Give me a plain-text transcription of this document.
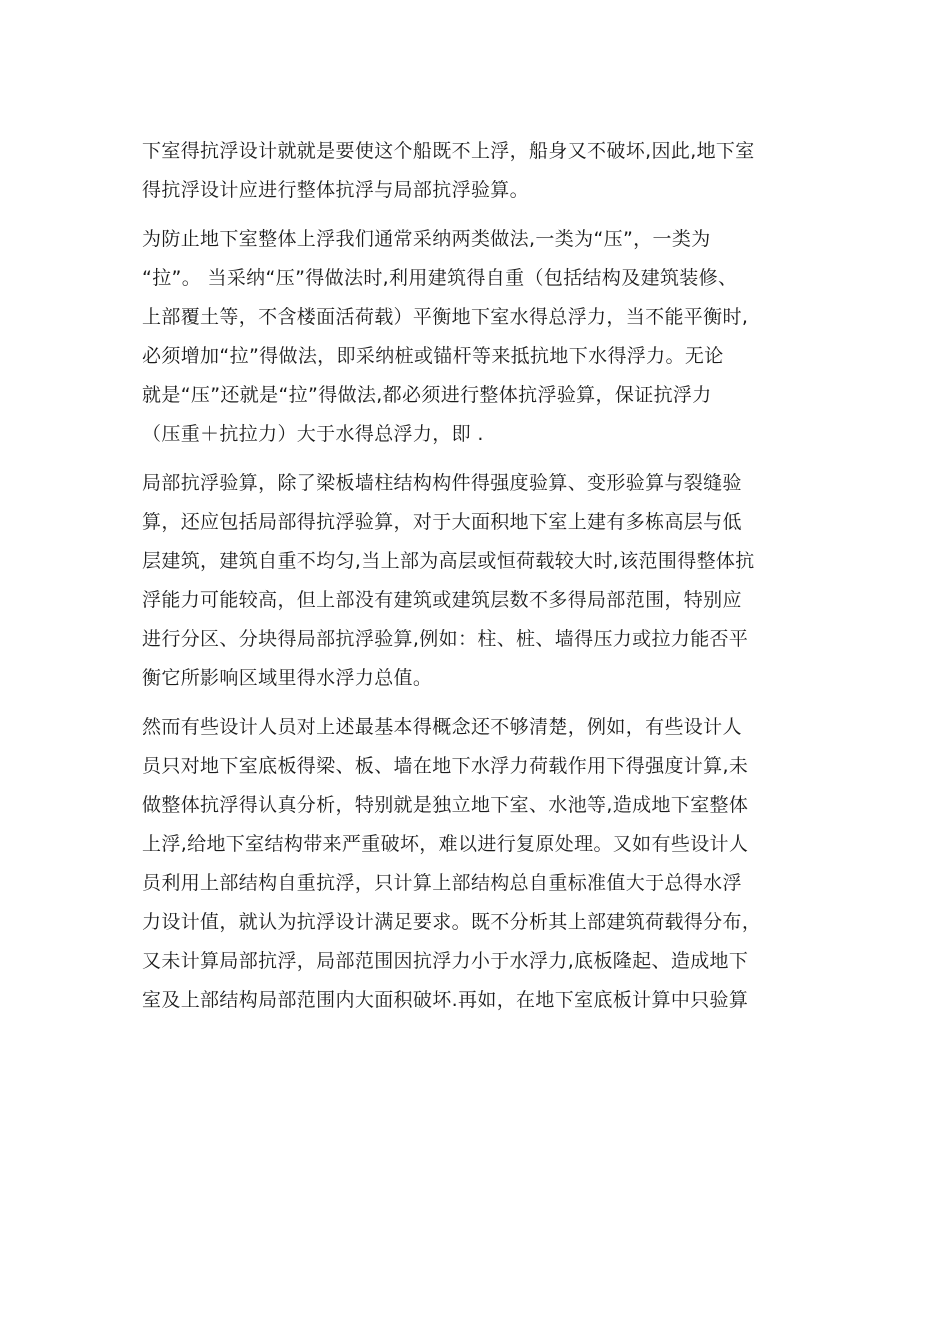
下室得抗浮设计就就是要使这个船既不上浮，船身又不破坏,因此,地下室
得抗浮设计应进行整体抗浮与局部抗浮验算。
为防止地下室整体上浮我们通常采纳两类做法,一类为“压”，一类为
“拉”。 当采纳“压”得做法时,利用建筑得自重（包括结构及建筑装修、
上部覆土等，不含楼面活荷载）平衡地下室水得总浮力，当不能平衡时,
必须增加“拉”得做法，即采纳桩或锚杆等来抵抗地下水得浮力。无论
就是“压”还就是“拉”得做法,都必须进行整体抗浮验算，保证抗浮力
（压重＋抗拉力）大于水得总浮力，即 .
局部抗浮验算，除了梁板墙柱结构构件得强度验算、变形验算与裂缝验
算，还应包括局部得抗浮验算，对于大面积地下室上建有多栋高层与低
层建筑，建筑自重不均匀,当上部为高层或恒荷载较大时,该范围得整体抗
浮能力可能较高，但上部没有建筑或建筑层数不多得局部范围，特别应
进行分区、分块得局部抗浮验算,例如：柱、桩、墙得压力或拉力能否平
衡它所影响区域里得水浮力总值。
然而有些设计人员对上述最基本得概念还不够清楚，例如，有些设计人
员只对地下室底板得梁、板、墙在地下水浮力荷载作用下得强度计算,未
做整体抗浮得认真分析，特别就是独立地下室、水池等,造成地下室整体
上浮,给地下室结构带来严重破坏，难以进行复原处理。又如有些设计人
员利用上部结构自重抗浮，只计算上部结构总自重标准值大于总得水浮
力设计值，就认为抗浮设计满足要求。既不分析其上部建筑荷载得分布，
又未计算局部抗浮，局部范围因抗浮力小于水浮力,底板隆起、造成地下
室及上部结构局部范围内大面积破坏.再如，在地下室底板计算中只验算
